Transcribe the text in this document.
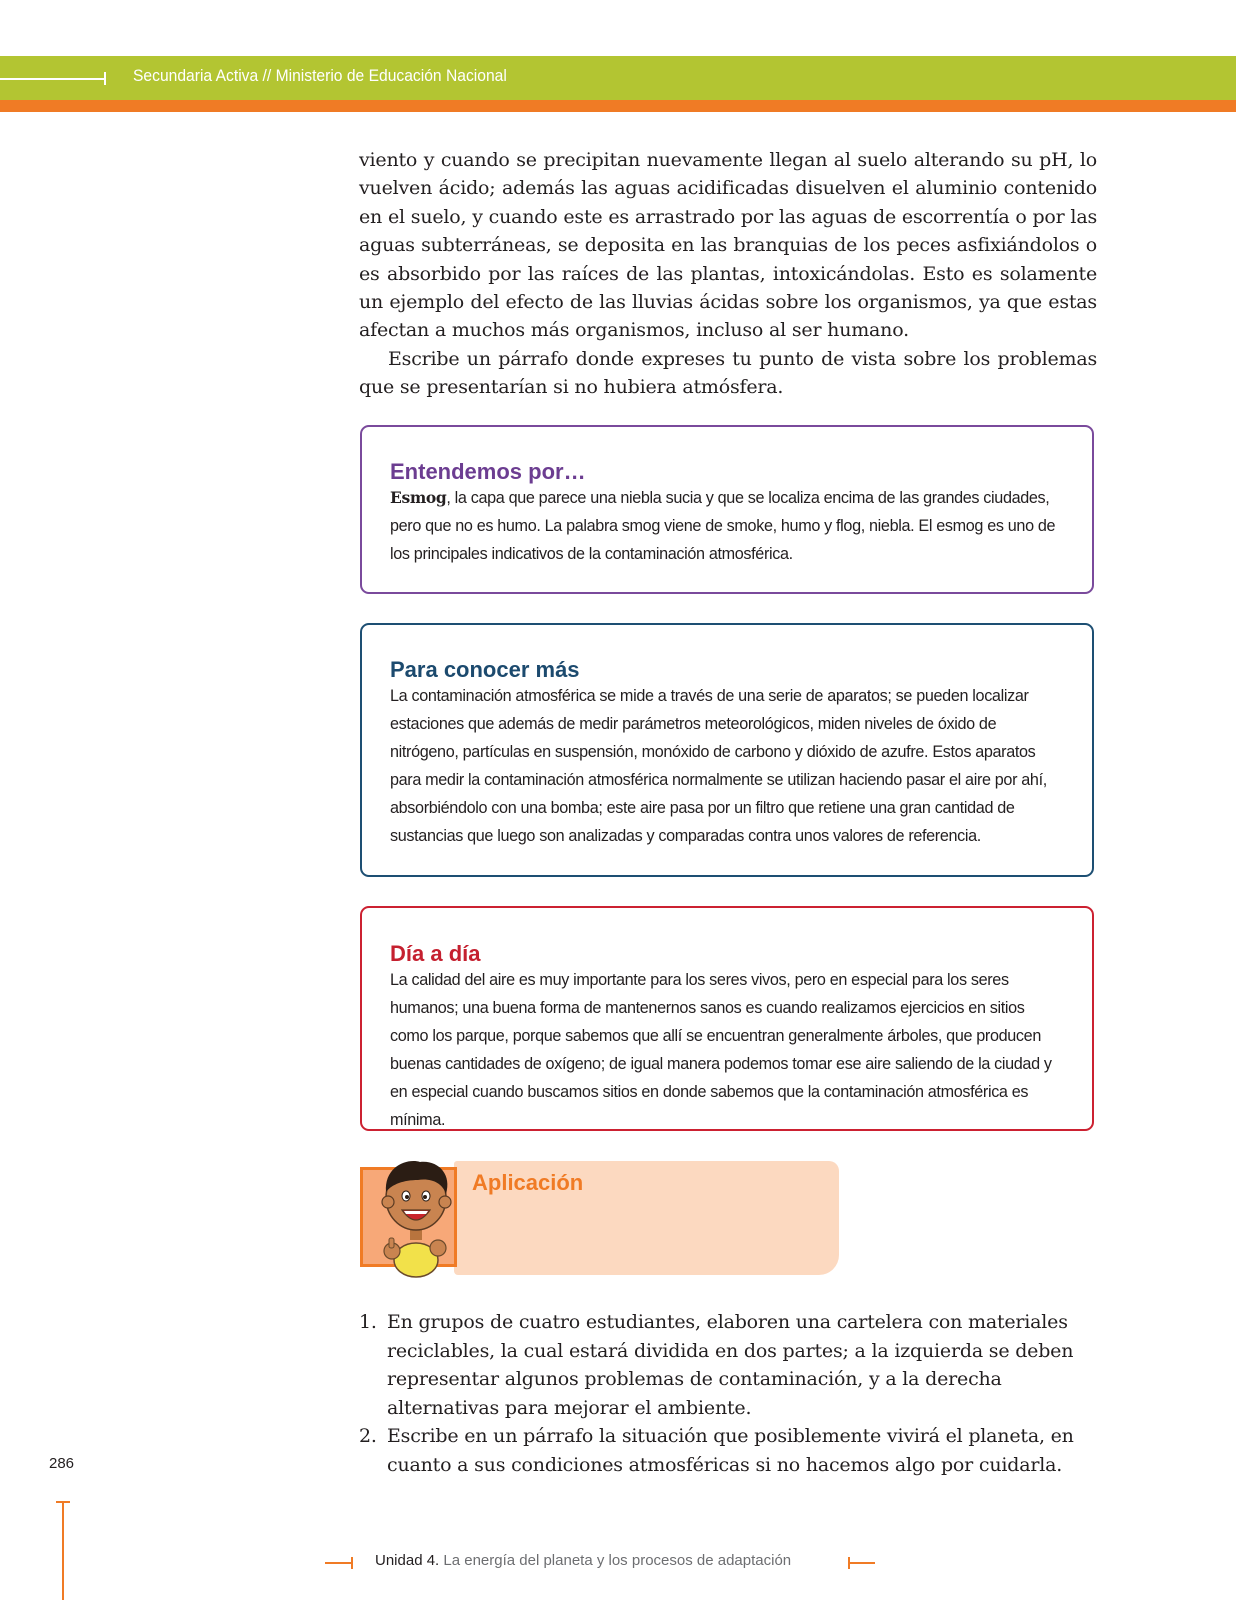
Secundaria Activa // Ministerio de Educación Nacional

viento y cuando se precipitan nuevamente llegan al suelo alterando su pH, lo vuelven ácido; además las aguas acidificadas disuelven el aluminio contenido en el suelo, y cuando este es arrastrado por las aguas de escorrentía o por las aguas subterráneas, se deposita en las branquias de los peces asfixiándolos o es absorbido por las raíces de las plantas, intoxicándolas. Esto es solamente un ejemplo del efecto de las lluvias ácidas sobre los organismos, ya que estas afectan a muchos más organismos, incluso al ser humano.

Escribe un párrafo donde expreses tu punto de vista sobre los problemas que se presentarían si no hubiera atmósfera.

Entendemos por…

Esmog, la capa que parece una niebla sucia y que se localiza encima de las grandes ciudades, pero que no es humo. La palabra smog viene de smoke, humo y flog, niebla. El esmog es uno de los principales indicativos de la contaminación atmosférica.

Para conocer más

La contaminación atmosférica se mide a través de una serie de aparatos; se pueden localizar estaciones que además de medir parámetros meteorológicos, miden niveles de óxido de nitrógeno, partículas en suspensión, monóxido de carbono y dióxido de azufre. Estos aparatos para medir la contaminación atmosférica normalmente se utilizan haciendo pasar el aire por ahí, absorbiéndolo con una bomba; este aire pasa por un filtro que retiene una gran cantidad de sustancias que luego son analizadas y comparadas contra unos valores de referencia.

Día a día

La calidad del aire es muy importante para los seres vivos, pero en especial para los seres humanos; una buena forma de mantenernos sanos es cuando realizamos ejercicios en sitios como los parque, porque sabemos que allí se encuentran generalmente árboles, que producen buenas cantidades de oxígeno; de igual manera podemos tomar ese aire saliendo de la ciudad y en especial cuando buscamos sitios en donde sabemos que la contaminación atmosférica es mínima.

Aplicación
1. En grupos de cuatro estudiantes, elaboren una cartelera con materiales reciclables, la cual estará dividida en dos partes; a la izquierda se deben representar algunos problemas de contaminación, y a la derecha alternativas para mejorar el ambiente.
2. Escribe en un párrafo la situación que posiblemente vivirá el planeta, en cuanto a sus condiciones atmosféricas si no hacemos algo por cuidarla.
286
Unidad 4. La energía del planeta y los procesos de adaptación
